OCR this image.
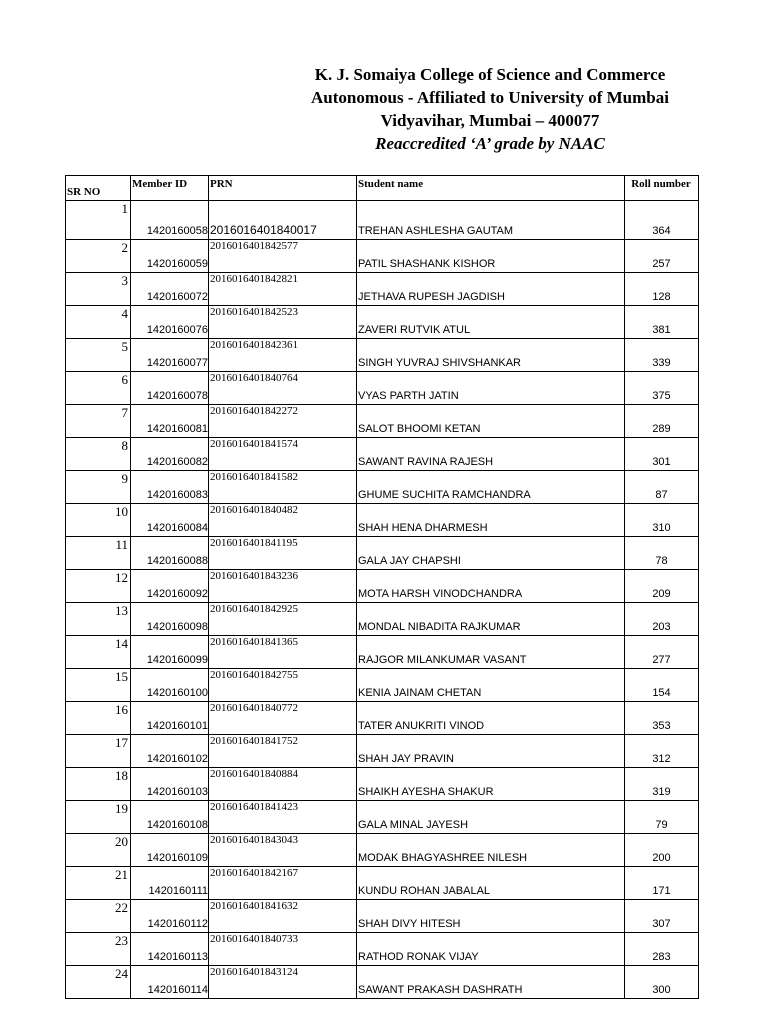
K. J. Somaiya College of Science and Commerce
Autonomous - Affiliated to University of Mumbai
Vidyavihar, Mumbai – 400077
Reaccredited ‘A’ grade by NAAC
SR NO	Member ID	PRN	Student name	Roll number
1	1420160058	2016016401840017	TREHAN ASHLESHA GAUTAM	364
2	1420160059	2016016401842577	PATIL SHASHANK KISHOR	257
3	1420160072	2016016401842821	JETHAVA RUPESH JAGDISH	128
4	1420160076	2016016401842523	ZAVERI RUTVIK ATUL	381
5	1420160077	2016016401842361	SINGH YUVRAJ SHIVSHANKAR	339
6	1420160078	2016016401840764	VYAS PARTH JATIN	375
7	1420160081	2016016401842272	SALOT BHOOMI KETAN	289
8	1420160082	2016016401841574	SAWANT RAVINA RAJESH	301
9	1420160083	2016016401841582	GHUME SUCHITA RAMCHANDRA	87
10	1420160084	2016016401840482	SHAH HENA DHARMESH	310
11	1420160088	2016016401841195	GALA JAY CHAPSHI	78
12	1420160092	2016016401843236	MOTA HARSH VINODCHANDRA	209
13	1420160098	2016016401842925	MONDAL NIBADITA RAJKUMAR	203
14	1420160099	2016016401841365	RAJGOR MILANKUMAR VASANT	277
15	1420160100	2016016401842755	KENIA JAINAM CHETAN	154
16	1420160101	2016016401840772	TATER ANUKRITI VINOD	353
17	1420160102	2016016401841752	SHAH JAY PRAVIN	312
18	1420160103	2016016401840884	SHAIKH AYESHA SHAKUR	319
19	1420160108	2016016401841423	GALA MINAL JAYESH	79
20	1420160109	2016016401843043	MODAK BHAGYASHREE NILESH	200
21	1420160111	2016016401842167	KUNDU ROHAN JABALAL	171
22	1420160112	2016016401841632	SHAH DIVY HITESH	307
23	1420160113	2016016401840733	RATHOD RONAK VIJAY	283
24	1420160114	2016016401843124	SAWANT PRAKASH DASHRATH	300
